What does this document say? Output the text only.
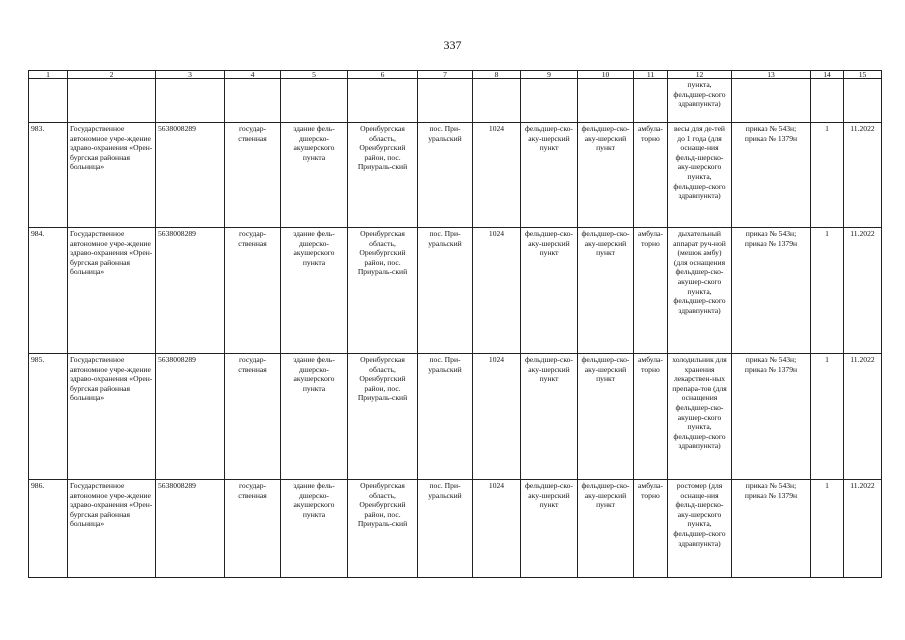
337
1	2	3	4	5	6	7	8	9	10	11	12	13	14	15
											пункта, фельдшер-ского здравпункта)			
983.	Государственное автономное учре-ждение здраво-охранения «Орен-бургская районная больница»	5638008289	государ-ственная	здание фель-дшерско-акушерского пункта	Оренбургская область, Оренбургский район, пос. Приураль-ский	пос. При-уральский	1024	фельдшер-ско-аку-шерский пункт	фельдшер-ско-аку-шерский пункт	амбула-торно	весы для де-тей до 1 года (для оснаще-ния фельд-шерско-аку-шерского пункта, фельдшер-ского здравпункта)	приказ № 543н; приказ № 1379н	1	11.2022
984.	Государственное автономное учре-ждение здраво-охранения «Орен-бургская районная больница»	5638008289	государ-ственная	здание фель-дшерско-акушерского пункта	Оренбургская область, Оренбургский район, пос. Приураль-ский	пос. При-уральский	1024	фельдшер-ско-аку-шерский пункт	фельдшер-ско-аку-шерский пункт	амбула-торно	дыхательный аппарат руч-ной (мешок амбу) (для оснащения фельдшер-ско-акушер-ского пункта, фельдшер-ского здравпункта)	приказ № 543н; приказ № 1379н	1	11.2022
985.	Государственное автономное учре-ждение здраво-охранения «Орен-бургская районная больница»	5638008289	государ-ственная	здание фель-дшерско-акушерского пункта	Оренбургская область, Оренбургский район, пос. Приураль-ский	пос. При-уральский	1024	фельдшер-ско-аку-шерский пункт	фельдшер-ско-аку-шерский пункт	амбула-торно	холодильник для хранения лекарствен-ных препара-тов (для оснащения фельдшер-ско-акушер-ского пункта, фельдшер-ского здравпункта)	приказ № 543н; приказ № 1379н	1	11.2022
986.	Государственное автономное учре-ждение здраво-охранения «Орен-бургская районная больница»	5638008289	государ-ственная	здание фель-дшерско-акушерского пункта	Оренбургская область, Оренбургский район, пос. Приураль-ский	пос. При-уральский	1024	фельдшер-ско-аку-шерский пункт	фельдшер-ско-аку-шерский пункт	амбула-торно	ростомер (для оснаще-ния фельд-шерско-аку-шерского пункта, фельдшер-ского здравпункта)	приказ № 543н; приказ № 1379н	1	11.2022
